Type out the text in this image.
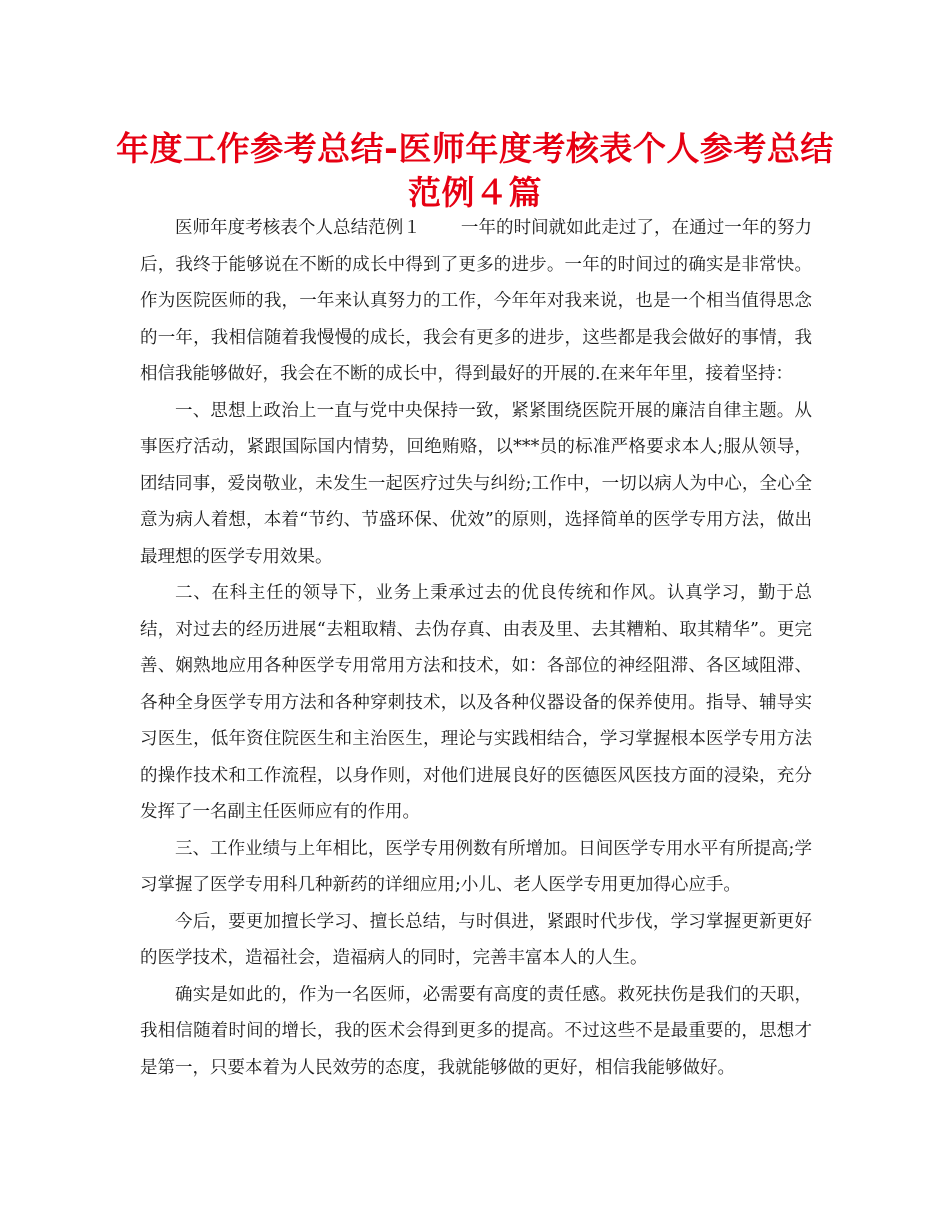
年度工作参考总结-医师年度考核表个人参考总结
范例４篇

医师年度考核表个人总结范例１ 一年的时间就如此走过了，在通过一年的努力后，我终于能够说在不断的成长中得到了更多的进步。一年的时间过的确实是非常快。作为医院医师的我，一年来认真努力的工作，今年年对我来说，也是一个相当值得思念的一年，我相信随着我慢慢的成长，我会有更多的进步，这些都是我会做好的事情，我相信我能够做好，我会在不断的成长中，得到最好的开展的.在来年年里，接着坚持：

一、思想上政治上一直与党中央保持一致，紧紧围绕医院开展的廉洁自律主题。从事医疗活动，紧跟国际国内情势，回绝贿赂，以***员的标准严格要求本人;服从领导，团结同事，爱岗敬业，未发生一起医疗过失与纠纷;工作中，一切以病人为中心，全心全意为病人着想，本着“节约、节盛环保、优效”的原则，选择简单的医学专用方法，做出最理想的医学专用效果。

二、在科主任的领导下，业务上秉承过去的优良传统和作风。认真学习，勤于总结，对过去的经历进展“去粗取精、去伪存真、由表及里、去其糟粕、取其精华”。更完善、娴熟地应用各种医学专用常用方法和技术，如：各部位的神经阻滞、各区域阻滞、各种全身医学专用方法和各种穿刺技术，以及各种仪器设备的保养使用。指导、辅导实习医生，低年资住院医生和主治医生，理论与实践相结合，学习掌握根本医学专用方法的操作技术和工作流程，以身作则，对他们进展良好的医德医风医技方面的浸染，充分发挥了一名副主任医师应有的作用。

三、工作业绩与上年相比，医学专用例数有所增加。日间医学专用水平有所提高;学习掌握了医学专用科几种新药的详细应用;小儿、老人医学专用更加得心应手。

今后，要更加擅长学习、擅长总结，与时俱进，紧跟时代步伐，学习掌握更新更好的医学技术，造福社会，造福病人的同时，完善丰富本人的人生。

确实是如此的，作为一名医师，必需要有高度的责任感。救死扶伤是我们的天职，我相信随着时间的增长，我的医术会得到更多的提高。不过这些不是最重要的，思想才是第一，只要本着为人民效劳的态度，我就能够做的更好，相信我能够做好。
